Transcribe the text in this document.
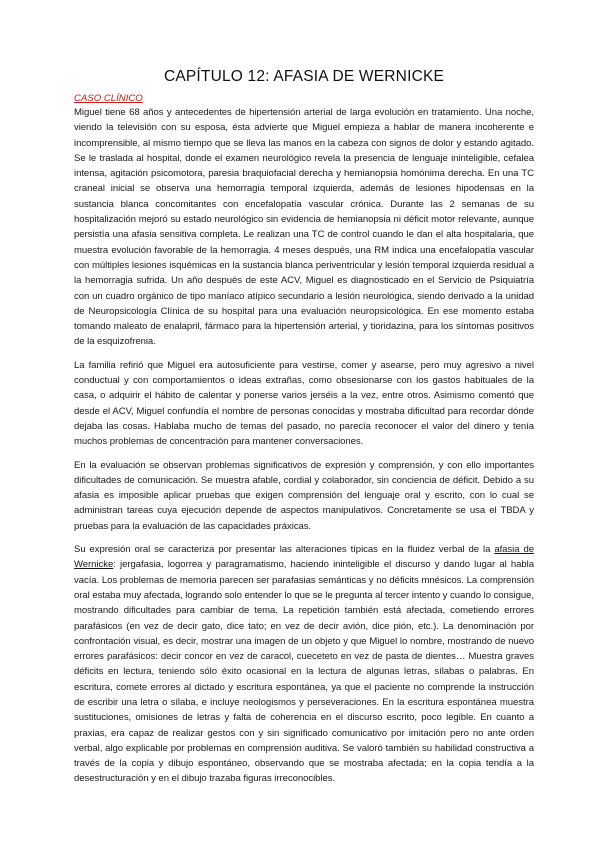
CAPÍTULO 12: AFASIA DE WERNICKE
CASO CLÍNICO

Miguel tiene 68 años y antecedentes de hipertensión arterial de larga evolución en tratamiento. Una noche, viendo la televisión con su esposa, ésta advierte que Miguel empieza a hablar de manera incoherente e incomprensible, al mismo tiempo que se lleva las manos en la cabeza con signos de dolor y estando agitado. Se le traslada al hospital, donde el examen neurológico revela la presencia de lenguaje ininteligible, cefalea intensa, agitación psicomotora, paresia braquiofacial derecha y hemianopsia homónima derecha. En una TC craneal inicial se observa una hemorragia temporal izquierda, además de lesiones hipodensas en la sustancia blanca concomitantes con encefalopatía vascular crónica. Durante las 2 semanas de su hospitalización mejoró su estado neurológico sin evidencia de hemianopsia ni déficit motor relevante, aunque persistía una afasia sensitiva completa. Le realizan una TC de control cuando le dan el alta hospitalaria, que muestra evolución favorable de la hemorragia. 4 meses después, una RM indica una encefalopatía vascular con múltiples lesiones isquémicas en la sustancia blanca periventricular y lesión temporal izquierda residual a la hemorragia sufrida. Un año después de este ACV, Miguel es diagnosticado en el Servicio de Psiquiatría con un cuadro orgánico de tipo maníaco atípico secundario a lesión neurológica, siendo derivado a la unidad de Neuropsicología Clínica de su hospital para una evaluación neuropsicológica. En ese momento estaba tomando maleato de enalapril, fármaco para la hipertensión arterial, y tioridazina, para los síntomas positivos de la esquizofrenia.

La familia refirió que Miguel era autosuficiente para vestirse, comer y asearse, pero muy agresivo a nivel conductual y con comportamientos o ideas extrañas, como obsesionarse con los gastos habituales de la casa, o adquirir el hábito de calentar y ponerse varios jerséis a la vez, entre otros. Asimismo comentó que desde el ACV, Miguel confundía el nombre de personas conocidas y mostraba dificultad para recordar dónde dejaba las cosas. Hablaba mucho de temas del pasado, no parecía reconocer el valor del dinero y tenía muchos problemas de concentración para mantener conversaciones.

En la evaluación se observan problemas significativos de expresión y comprensión, y con ello importantes dificultades de comunicación. Se muestra afable, cordial y colaborador, sin conciencia de déficit. Debido a su afasia es imposible aplicar pruebas que exigen comprensión del lenguaje oral y escrito, con lo cual se administran tareas cuya ejecución depende de aspectos manipulativos. Concretamente se usa el TBDA y pruebas para la evaluación de las capacidades práxicas.

Su expresión oral se caracteriza por presentar las alteraciones típicas en la fluidez verbal de la afasia de Wernicke: jergafasia, logorrea y paragramatismo, haciendo ininteligible el discurso y dando lugar al habla vacía. Los problemas de memoria parecen ser parafasias semánticas y no déficits mnésicos. La comprensión oral estaba muy afectada, logrando solo entender lo que se le pregunta al tercer intento y cuando lo consigue, mostrando dificultades para cambiar de tema. La repetición también está afectada, cometiendo errores parafásicos (en vez de decir gato, dice tato; en vez de decir avión, dice pión, etc.). La denominación por confrontación visual, es decir, mostrar una imagen de un objeto y que Miguel lo nombre, mostrando de nuevo errores parafásicos: decir concor en vez de caracol, cueceteto en vez de pasta de dientes… Muestra graves déficits en lectura, teniendo sólo éxito ocasional en la lectura de algunas letras, sílabas o palabras. En escritura, comete errores al dictado y escritura espontánea, ya que el paciente no comprende la instrucción de escribir una letra o sílaba, e incluye neologismos y perseveraciones. En la escritura espontánea muestra sustituciones, omisiones de letras y falta de coherencia en el discurso escrito, poco legible. En cuanto a praxias, era capaz de realizar gestos con y sin significado comunicativo por imitación pero no ante orden verbal, algo explicable por problemas en comprensión auditiva. Se valoró también su habilidad constructiva a través de la copia y dibujo espontáneo, observando que se mostraba afectada; en la copia tendía a la desestructuración y en el dibujo trazaba figuras irreconocibles.
